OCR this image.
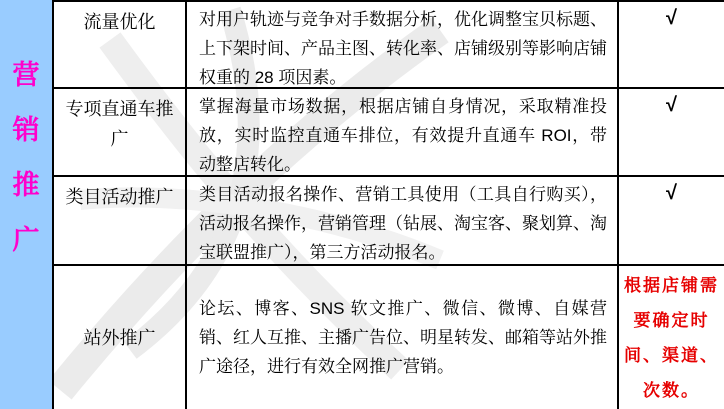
营
销
推
广
流量优化	对用户轨迹与竞争对手数据分析，优化调整宝贝标题、上下架时间、产品主图、转化率、店铺级别等影响店铺权重的 28 项因素。
√
专项直通车推广
掌握海量市场数据，根据店铺自身情况，采取精准投放，实时监控直通车排位，有效提升直通车 ROI，带动整店转化。
√
类目活动推广	类目活动报名操作、营销工具使用（工具自行购买），活动报名操作，营销管理（钻展、淘宝客、聚划算、淘宝联盟推广），第三方活动报名。
√
站外推广

论坛、博客、SNS 软文推广、微信、微博、自媒营销、红人互推、主播广告位、明星转发、邮箱等站外推广途径，进行有效全网推广营销。

根据店铺需要确定时间、渠道、次数。
